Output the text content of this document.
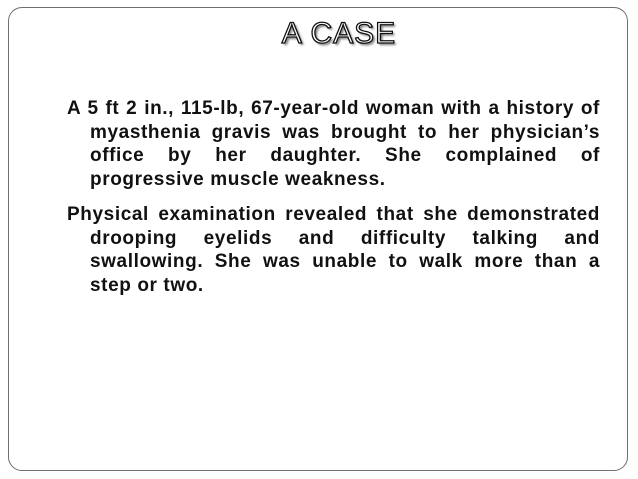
A CASE

A 5 ft 2 in., 115-lb, 67-year-old woman with a history of myasthenia gravis was brought to her physician’s office by her daughter. She complained of progressive muscle weakness.

Physical examination revealed that she demonstrated drooping eyelids and difficulty talking and swallowing. She was unable to walk more than a step or two.
